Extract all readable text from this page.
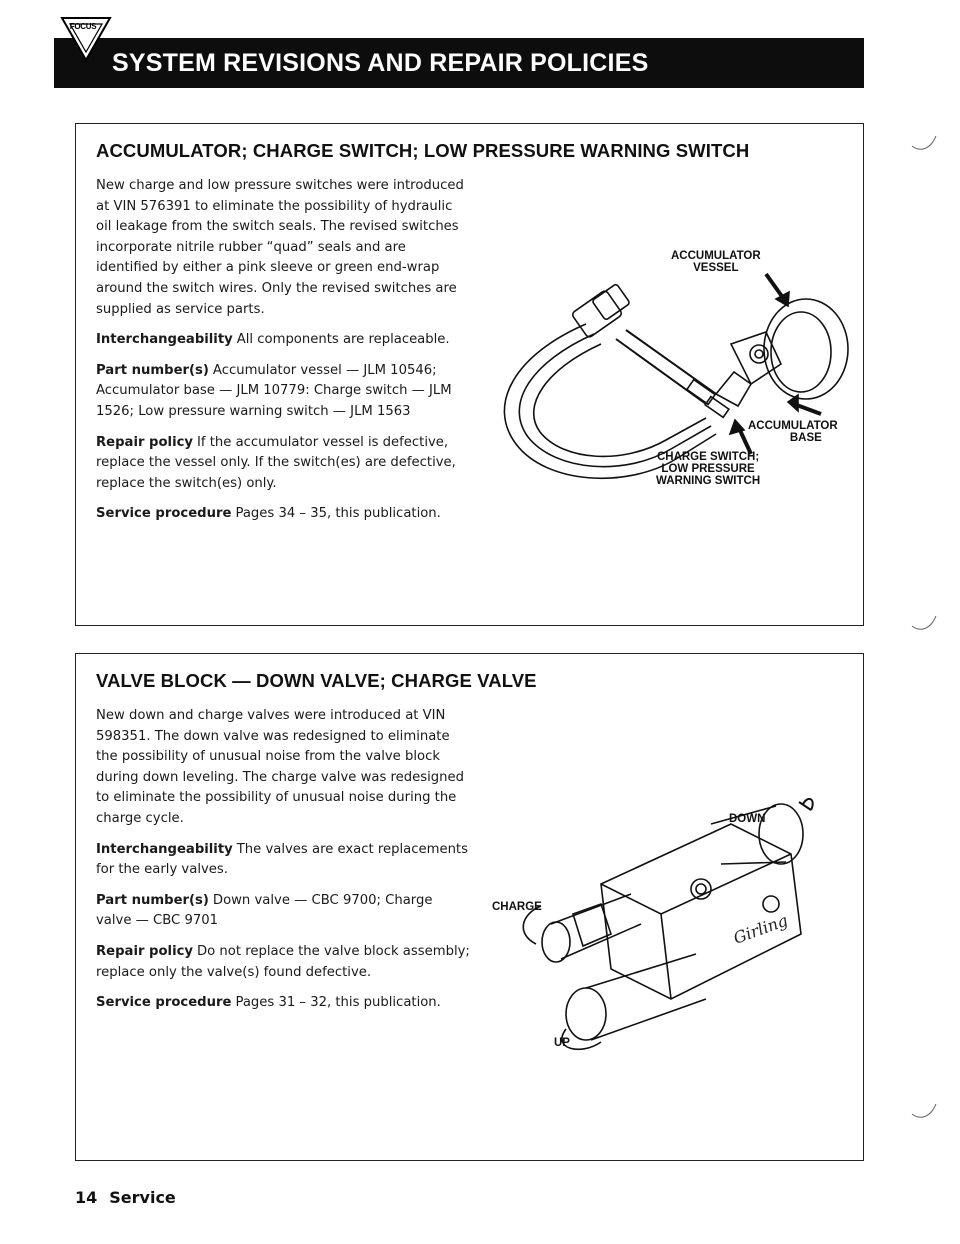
FOCUS
SYSTEM REVISIONS AND REPAIR POLICIES
ACCUMULATOR; CHARGE SWITCH; LOW PRESSURE WARNING SWITCH

New charge and low pressure switches were introduced at VIN 576391 to eliminate the possibility of hydraulic oil leakage from the switch seals. The revised switches incorporate nitrile rubber “quad” seals and are identified by either a pink sleeve or green end-wrap around the switch wires. Only the revised switches are supplied as service parts.

Interchangeability All components are replaceable.

Part number(s) Accumulator vessel — JLM 10546; Accumulator base — JLM 10779: Charge switch — JLM 1526; Low pressure warning switch — JLM 1563

Repair policy If the accumulator vessel is defective, replace the vessel only. If the switch(es) are defective, replace the switch(es) only.

Service procedure Pages 34 – 35, this publication.

ACCUMULATOR
VESSEL
ACCUMULATOR
BASE
CHARGE SWITCH;
LOW PRESSURE
WARNING SWITCH
VALVE BLOCK — DOWN VALVE; CHARGE VALVE

New down and charge valves were introduced at VIN 598351. The down valve was redesigned to eliminate the possibility of unusual noise from the valve block during down leveling. The charge valve was redesigned to eliminate the possibility of unusual noise during the charge cycle.

Interchangeability The valves are exact replacements for the early valves.

Part number(s) Down valve — CBC 9700; Charge valve — CBC 9701

Repair policy Do not replace the valve block assembly; replace only the valve(s) found defective.

Service procedure Pages 31 – 32, this publication.

Girling
DOWN
CHARGE
UP
14 Service
